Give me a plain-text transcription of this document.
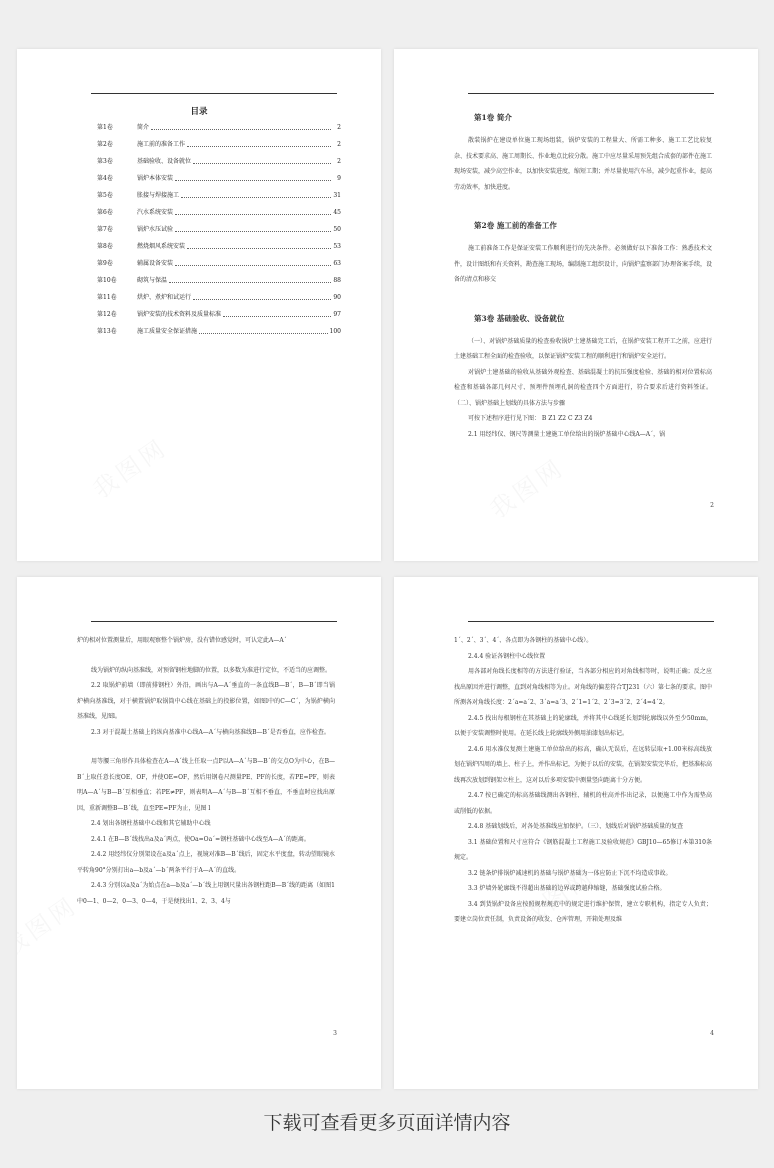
目录
第1卷	简介	2
第2卷	施工前的准备工作	2
第3卷	基础验收、设备就位	2
第4卷	锅炉本体安装	9
第5卷	胀接与焊接施工	31
第6卷	汽水系统安装	45
第7卷	锅炉水压试验	50
第8卷	燃烧烟风系统安装	53
第9卷	辅属设备安装	63
第10卷	砌筑与保温	88
第11卷	烘炉、煮炉和试运行	90
第12卷	锅炉安装的技术资料及质量标准	97
第13卷	施工质量安全保证措施	100
第1卷 简介

散装锅炉在建设单位施工现场组装，锅炉安装的工程量大、所需工种多、施工工艺比较复杂、技术要求高、施工周期长、作业地点比较分散。施工中应尽量采用预先组合成套的部件在施工现场安装，减少高空作业，以加快安装进度，缩短工期；并尽量使用汽车吊，减少起重作业，提高劳动效率，加快进度。

第2卷 施工前的准备工作

施工前准备工作是保证安装工作顺利进行的先决条件。必须做好以下准备工作：熟悉技术文件，设计图纸和有关资料，勘查施工现场，编制施工组织设计，向锅炉监察部门办理备案手续，设备的清点和移交

第3卷 基础验收、设备就位

（一）、对锅炉基础质量的检查验收锅炉土建基础完工后，在锅炉安装工程开工之前，应进行土建基础工程全面的检查验收，以保证锅炉安装工程的顺利进行和锅炉安全运行。

对锅炉土建基础的验收从基础外观检查、基础混凝土的抗压强度检验、基础的相对位置标高检查和基础各部几何尺寸、预埋件预埋孔洞的检查四个方面进行，符合要求后进行资料签证。（二）、锅炉基础上划线的具体方法与步骤

可按下述程序进行见下图： B Z1 Z2 C Z3 Z4

2.1 用经纬仪、钢尺等测量土建施工单位给出的锅炉基础中心线A—A´，锅

2

炉的相对位置测量后，用眼观察整个锅炉房，没有错位感觉时，可认定此A—A´

线为锅炉的纵向基准线，对预留钢柱地脚的位置，以多数为准进行定位，不适当的应调整。

2.2 取锅炉前墙（即前排钢柱）外沿，画出与A—A´垂直的一条直线B—B´，B—B´即当锅炉横向基准线，对于横置锅炉取锅筒中心线在基础上的投影位置，如图l中的C—C´，为锅炉横向基准线，见图l。

2.3 对于混凝土基础上的纵向基准中心线A—A´与横向基准线B—B´是否垂直，应作检查。

用等腰三角形作具体检查在A—A´线上任取一点P以A—A´与B—B´的交点O为中心，在B—B´上取任意长度OE、OF，并使OE=OF，然后用钢卷尺测量PE、PF的长度，若PE=PF，则表明A—A´与B—B´互相垂直；若PE≠PF，则表明A—A´与B—B´互相不垂直，不垂直时应找出原因，重新调整B—B´线，直至PE=PF为止，见图 l

2.4 划出各钢柱基础中心线和其它辅助中心线

2.4.1 在B—B´线找出a及a´两点，使Oa=Oa´=钢柱基础中心线至A—A´的距离。

2.4.2 用经纬仪分别架设在a及a´点上，视镜对准B—B´线后，固定水平度盘，转动望眼镜水平转角90°分别打出a—b及a´—b´两条平行于A—A´的直线。

2.4.3 分别以a及a´为始点在a—b及a´—b´线上用钢尺量出各钢柱距B—B´线的距离（如图1中0—1、0—2、0—3、0—4，于是便找出1、2、3、4与

3

1´、2´、3´、4´、各点即为各钢柱的基础中心线）。

2.4.4 验证各钢柱中心线位置

用各部对角线长度相等的方法进行验证，当各部分相应的对角线相等时，说明正确；反之应找出原因并进行调整，直到对角线相等为止。对角线的偏差符合TJ231（六）第七条的要求。图中所测各对角线长度：2´a=a´2、3´a=a´3、2´1=1´2、2´3=3´2、2´4=4´2。

2.4.5 找出每根钢柱在其基础上的轮廓线，并将其中心线延长划到轮廓线以外至少50mm，以便于安装调整时使用。在延长线上轮廓线外侧用油漆划出标记。

2.4.6 用水准仪复测土建施工单位给出的标高，确认无误后，在远转层取+1.00米标高线放划在锅炉四周的墙上、柱子上，并作出标记，为便于以后的安装，在锅架安装完毕后，把基准标高线再次放划到钢架立柱上，这对以后多项安装中测量竖向距离十分方便。

2.4.7 按已确定的标高基础线测出各钢柱、辅机的柱高并作出记录，以便施工中作为需垫高或削低的依据。

2.4.8 基础划线后，对各处基准线应加保护。（三）、划线后对锅炉基础质量的复查

3.1 基础位置和尺寸应符合《钢筋混凝土工程施工及验收规范》GBJ10—65修订本第310条规定。

3.2 链条炉排锅炉减速机的基础与锅炉基础为一体应防止下沉不均造成事故。

3.3 炉墙外轮廓线不得超出基础的边界或跨越伸缩缝，基础强度试验合格。

3.4 到货锅炉设备应按照规程规范中的规定进行维护保管，建立专职机构，指定专人负责；要建立岗位责任制，负责设备的收发、仓库管理，开箱处理及维

4
下载可查看更多页面详情内容
